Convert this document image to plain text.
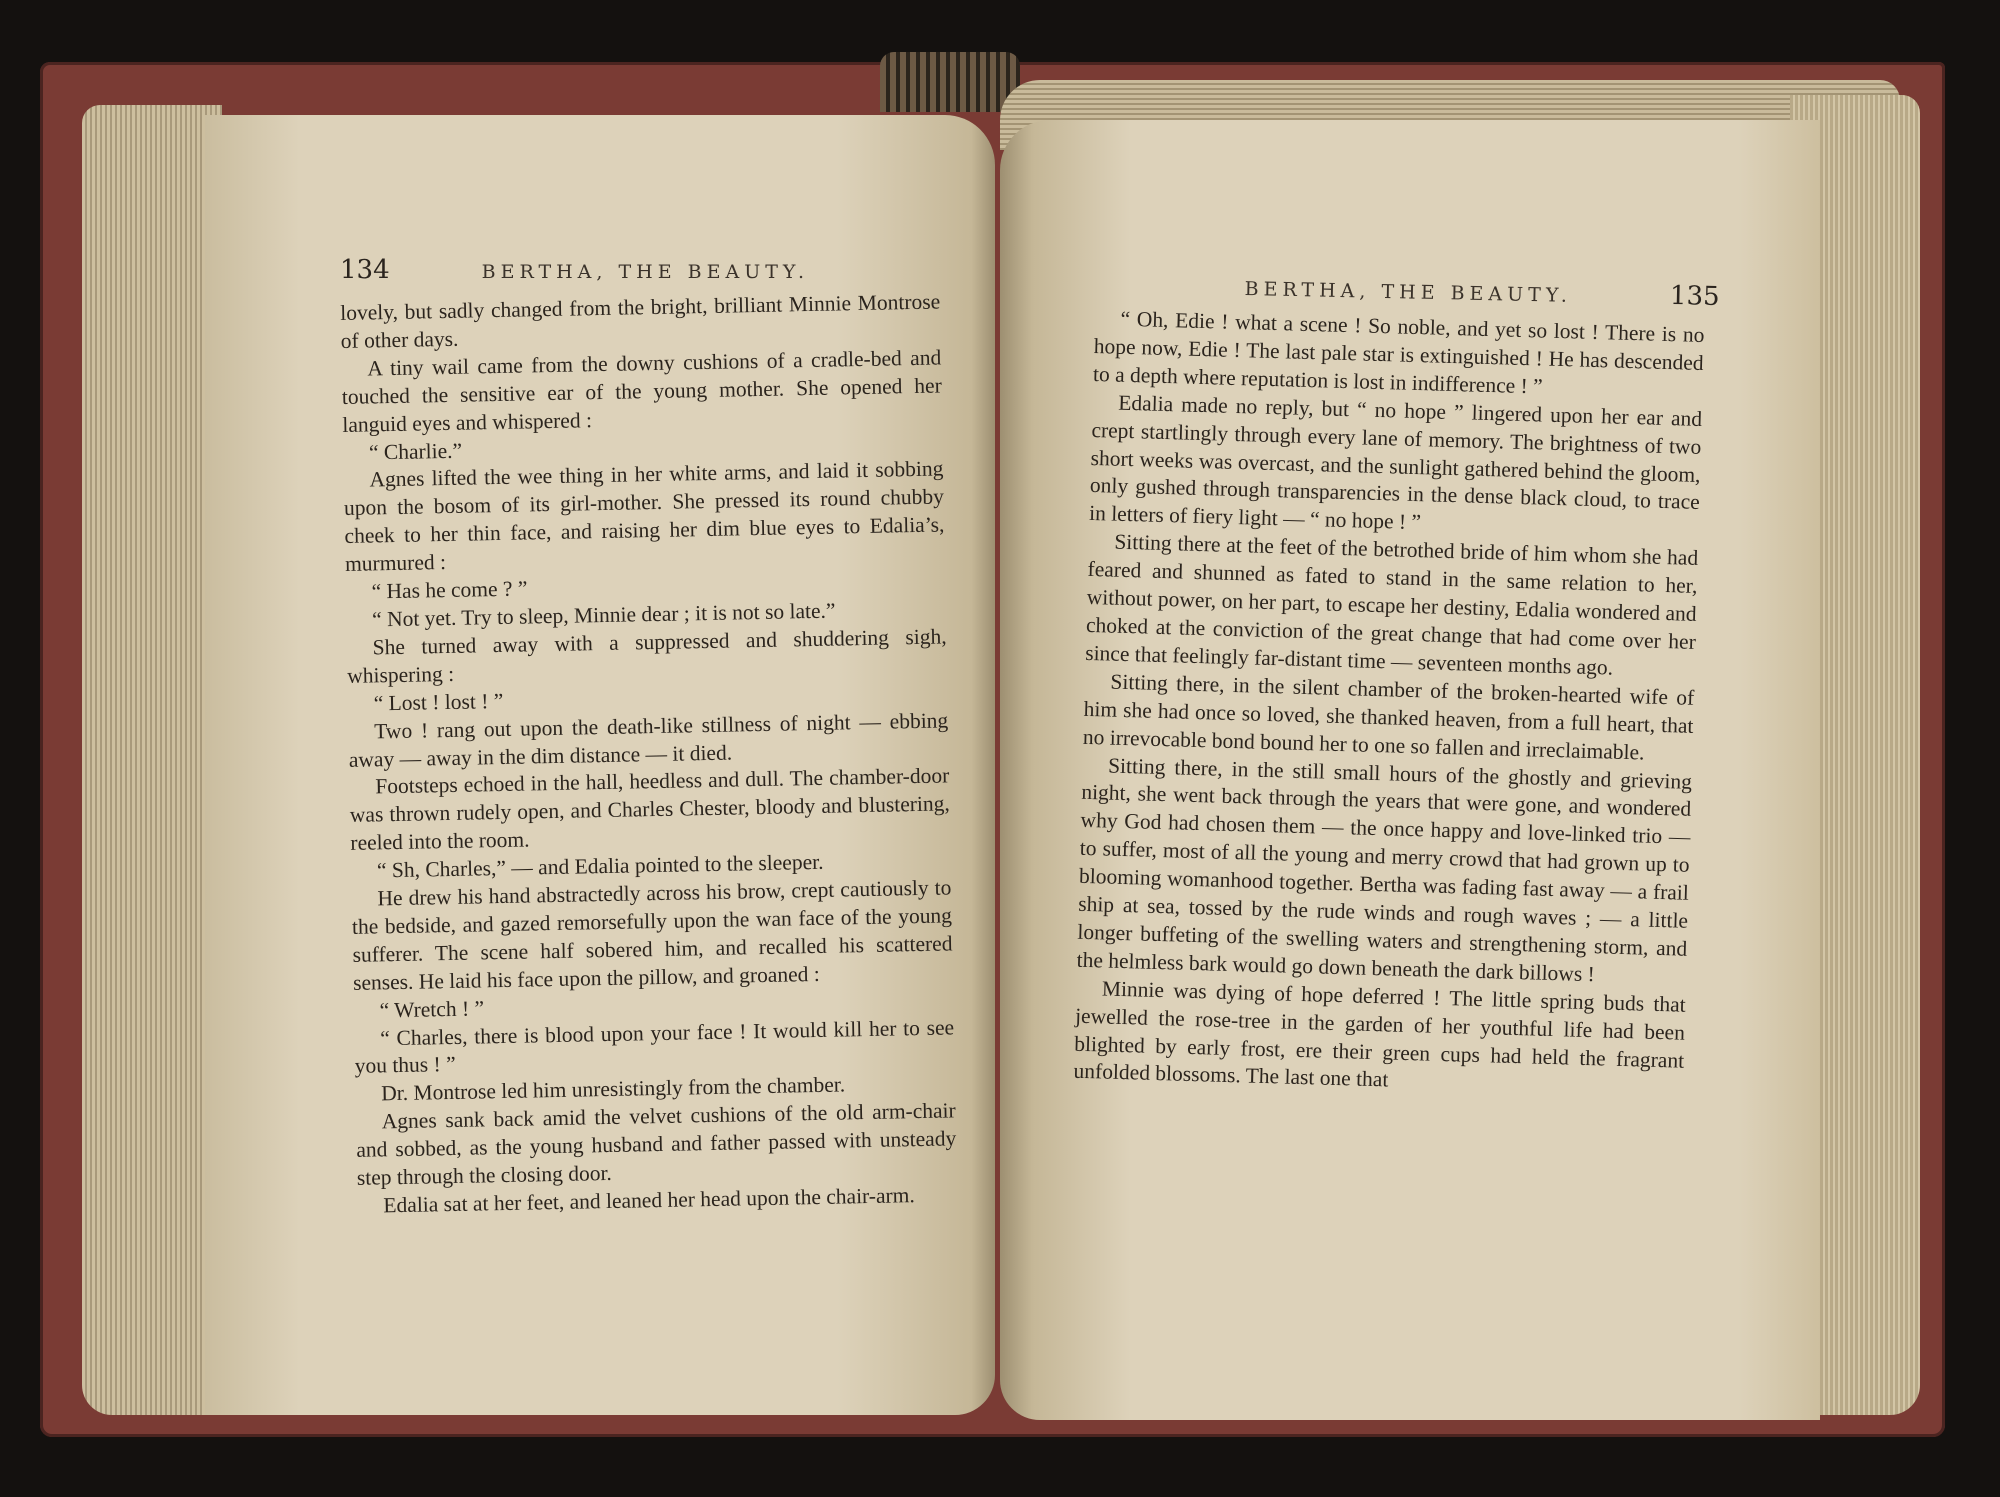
134	BERTHA, THE BEAUTY.

lovely, but sadly changed from the bright, brilliant Minnie Montrose of other days.

A tiny wail came from the downy cushions of a cradle-bed and touched the sensitive ear of the young mother. She opened her languid eyes and whispered :

“ Charlie.”

Agnes lifted the wee thing in her white arms, and laid it sobbing upon the bosom of its girl-mother. She pressed its round chubby cheek to her thin face, and raising her dim blue eyes to Edalia’s, murmured :

“ Has he come ? ”

“ Not yet. Try to sleep, Minnie dear ; it is not so late.”

She turned away with a suppressed and shuddering sigh, whispering :

“ Lost ! lost ! ”

Two ! rang out upon the death-like stillness of night — ebbing away — away in the dim distance — it died.

Footsteps echoed in the hall, heedless and dull. The chamber-door was thrown rudely open, and Charles Chester, bloody and blustering, reeled into the room.

“ Sh, Charles,” — and Edalia pointed to the sleeper.

He drew his hand abstractedly across his brow, crept cautiously to the bedside, and gazed remorsefully upon the wan face of the young sufferer. The scene half sobered him, and recalled his scattered senses. He laid his face upon the pillow, and groaned :

“ Wretch ! ”

“ Charles, there is blood upon your face ! It would kill her to see you thus ! ”

Dr. Montrose led him unresistingly from the chamber.

Agnes sank back amid the velvet cushions of the old arm-chair and sobbed, as the young husband and father passed with unsteady step through the closing door.

Edalia sat at her feet, and leaned her head upon the chair-arm.

BERTHA, THE BEAUTY.	135

“ Oh, Edie ! what a scene ! So noble, and yet so lost ! There is no hope now, Edie ! The last pale star is extinguished ! He has descended to a depth where reputation is lost in indifference ! ”

Edalia made no reply, but “ no hope ” lingered upon her ear and crept startlingly through every lane of memory. The brightness of two short weeks was overcast, and the sunlight gathered behind the gloom, only gushed through transparencies in the dense black cloud, to trace in letters of fiery light — “ no hope ! ”

Sitting there at the feet of the betrothed bride of him whom she had feared and shunned as fated to stand in the same relation to her, without power, on her part, to escape her destiny, Edalia wondered and choked at the conviction of the great change that had come over her since that feelingly far-distant time — seventeen months ago.

Sitting there, in the silent chamber of the broken-hearted wife of him she had once so loved, she thanked heaven, from a full heart, that no irrevocable bond bound her to one so fallen and irreclaimable.

Sitting there, in the still small hours of the ghostly and grieving night, she went back through the years that were gone, and wondered why God had chosen them — the once happy and love-linked trio — to suffer, most of all the young and merry crowd that had grown up to blooming womanhood together. Bertha was fading fast away — a frail ship at sea, tossed by the rude winds and rough waves ; — a little longer buffeting of the swelling waters and strengthening storm, and the helmless bark would go down beneath the dark billows !

Minnie was dying of hope deferred ! The little spring buds that jewelled the rose-tree in the garden of her youthful life had been blighted by early frost, ere their green cups had held the fragrant unfolded blossoms. The last one that
